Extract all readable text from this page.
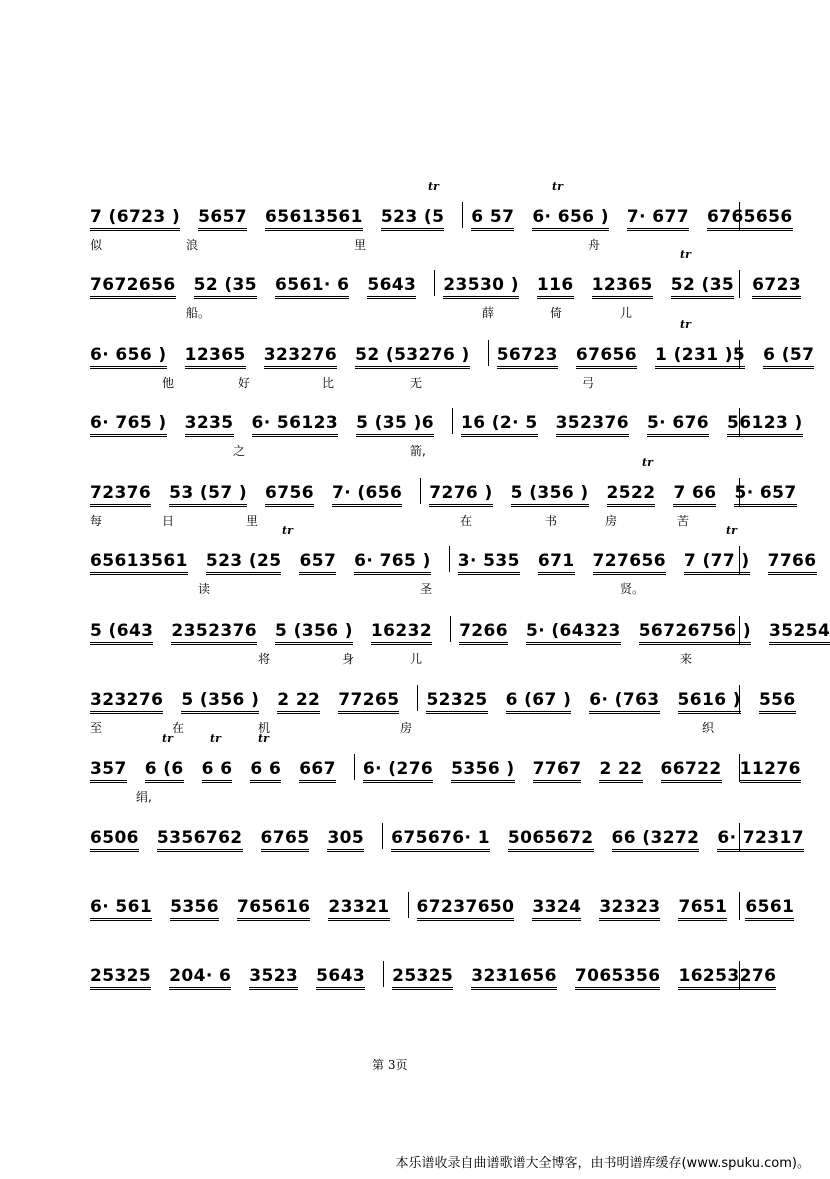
7 (6723 ) 5657 65613561 523 (5 6 57 6· 656 ) 7· 677 6765656
似	浪	里	舟
tr	tr
7672656 52 (35 6561· 6 5643 23530 ) 116 12365 52 (35 6723
船。	薛	倚	儿
tr
6· 656 ) 12365 323276 52 (53276 ) 56723 67656 1 (231 )5 6 (57
他	好	比	无	弓
tr
6· 765 ) 3235 6· 56123 5 (35 )6 16 (2· 5 352376 5· 676 56123 )
之	箭,
72376 53 (57 ) 6756 7· (656 7276 ) 5 (356 ) 2522 7 66 5· 657
每	日	里	在	书	房	苦
tr
65613561 523 (25 657 6· 765 ) 3· 535 671 727656 7 (77 ) 7766
读	圣	贤。
tr	tr
5 (643 2352376 5 (356 ) 16232 7266 5· (64323 56726756 ) 35254
将	身	儿	来
323276 5 (356 ) 2 22 77265 52325 6 (67 ) 6· (763 5616 ) 556
至	在	机	房	织
357 6 (6 6 6 6 6 667 6· (276 5356 ) 7767 2 22 66722 11276
绢,
tr	tr	tr
6506 5356762 6765 305 675676· 1 5065672 66 (3272 6· 72317
6· 561 5356 765616 23321 67237650 3324 32323 7651 6561
25325 204· 6 3523 5643 25325 3231656 7065356 16253276
第 3页
本乐谱收录自曲谱歌谱大全博客，由书明谱库缓存(www.spuku.com)。
